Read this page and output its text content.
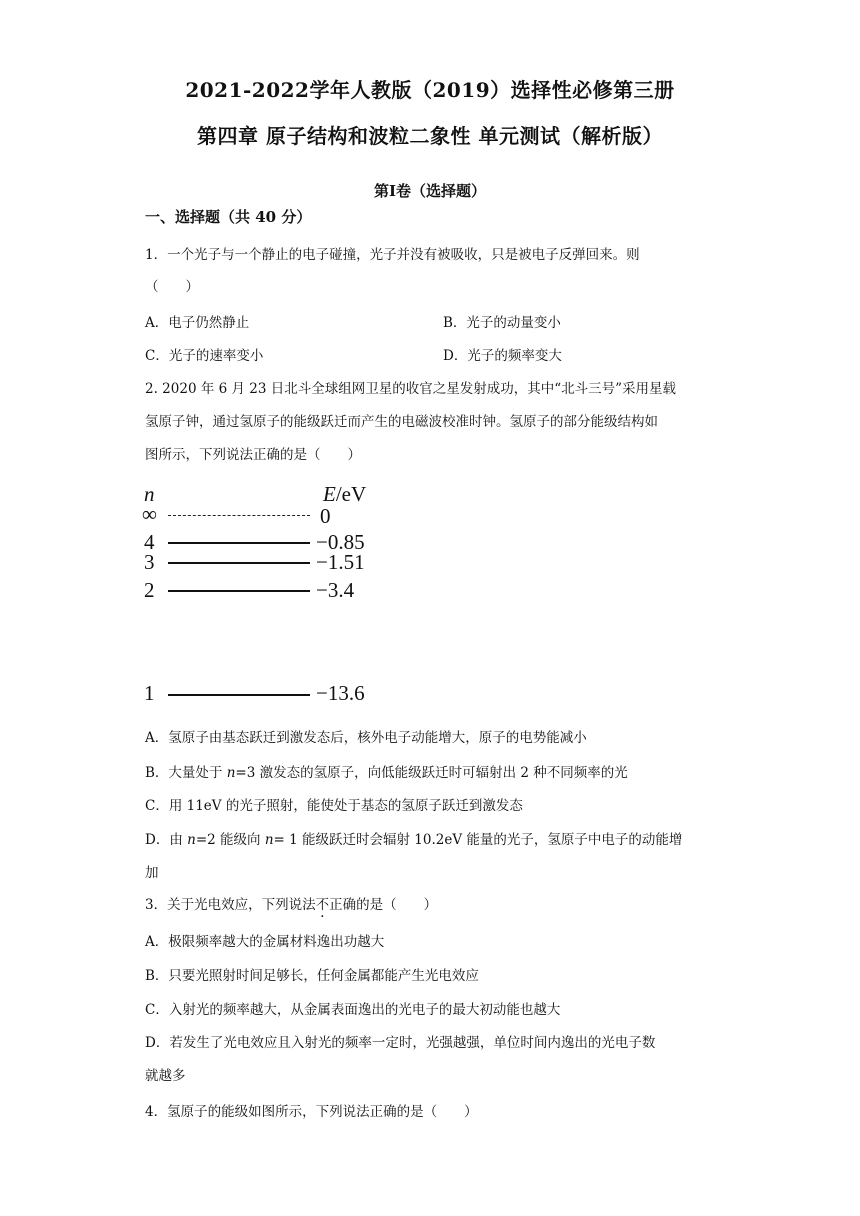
2021-2022学年人教版（2019）选择性必修第三册
第四章 原子结构和波粒二象性 单元测试（解析版）
第Ⅰ卷（选择题）
一、选择题（共 40 分）
1．一个光子与一个静止的电子碰撞，光子并没有被吸收，只是被电子反弹回来。则
（　　）
A．电子仍然静止	B．光子的动量变小
C．光子的速率变小	D．光子的频率变大
2. 2020 年 6 月 23 日北斗全球组网卫星的收官之星发射成功，其中“北斗三号”采用星载
氢原子钟，通过氢原子的能级跃迁而产生的电磁波校准时钟。氢原子的部分能级结构如
图所示，下列说法正确的是（　　）
n	E/eV
∞	0
4	−0.85
3	−1.51
2	−3.4
1	−13.6
A．氢原子由基态跃迁到激发态后，核外电子动能增大，原子的电势能减小
B．大量处于 n=3 激发态的氢原子，向低能级跃迁时可辐射出 2 种不同频率的光
C．用 11eV 的光子照射，能使处于基态的氢原子跃迁到激发态
D．由 n=2 能级向 n= 1 能级跃迁时会辐射 10.2eV 能量的光子，氢原子中电子的动能增
加
3．关于光电效应，下列说法不正确的是（　　）
A．极限频率越大的金属材料逸出功越大
B．只要光照射时间足够长，任何金属都能产生光电效应
C．入射光的频率越大，从金属表面逸出的光电子的最大初动能也越大
D．若发生了光电效应且入射光的频率一定时，光强越强，单位时间内逸出的光电子数
就越多
4．氢原子的能级如图所示，下列说法正确的是（　　）
